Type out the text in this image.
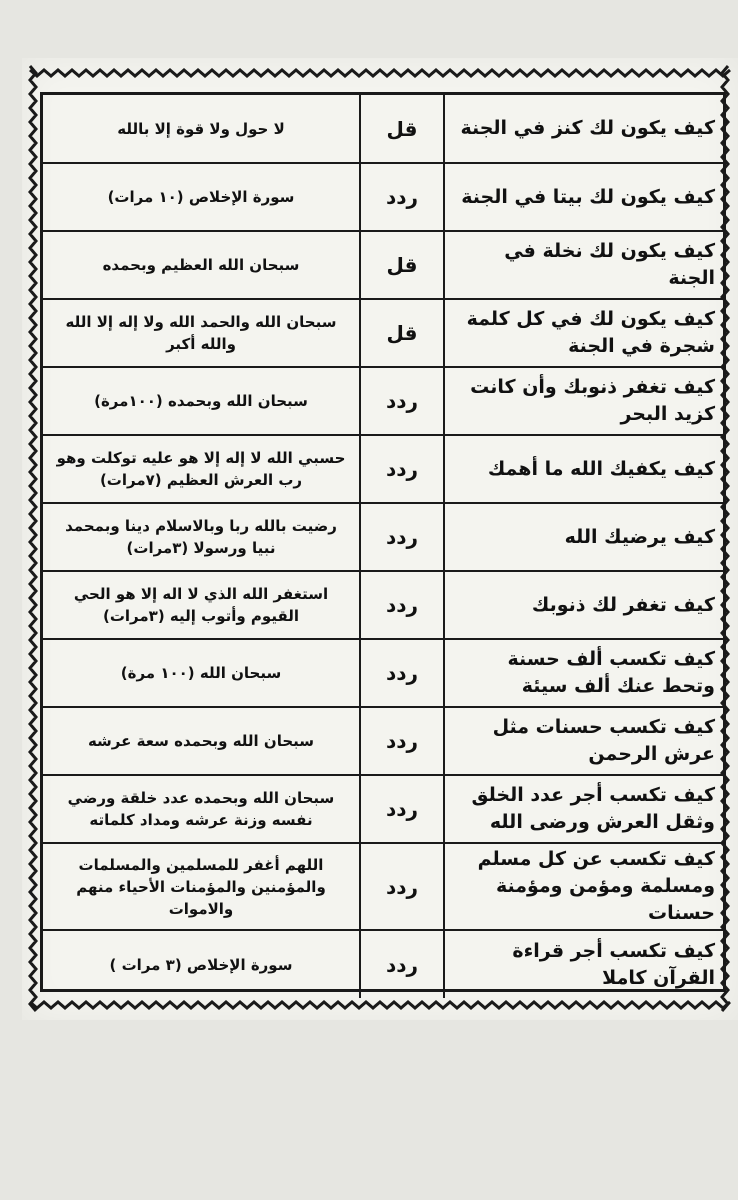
كيف يكون لك كنز في الجنة	قل	لا حول ولا قوة إلا بالله
كيف يكون لك بيتا في الجنة	ردد	سورة الإخلاص (١٠ مرات)
كيف يكون لك نخلة في الجنة	قل	سبحان الله العظيم وبحمده
كيف يكون لك في كل كلمة شجرة في الجنة	قل	سبحان الله والحمد الله ولا إله إلا الله والله أكبر
كيف تغفر ذنوبك وأن كانت كزيد البحر	ردد	سبحان الله وبحمده (١٠٠مرة)
كيف يكفيك الله ما أهمك	ردد	حسبي الله لا إله إلا هو عليه توكلت وهو رب العرش العظيم (٧مرات)
كيف يرضيك الله	ردد	رضيت بالله ربا وبالاسلام دينا وبمحمد نبيا ورسولا (٣مرات)
كيف تغفر لك ذنوبك	ردد	استغفر الله الذي لا اله إلا هو الحي القيوم وأتوب إليه (٣مرات)
كيف تكسب ألف حسنة وتحط عنك ألف سيئة	ردد	سبحان الله (١٠٠ مرة)
كيف تكسب حسنات مثل عرش الرحمن	ردد	سبحان الله وبحمده سعة عرشه
كيف تكسب أجر عدد الخلق وثقل العرش ورضى الله	ردد	سبحان الله وبحمده عدد خلقة ورضي نفسه وزنة عرشه ومداد كلماته
كيف تكسب عن كل مسلم ومسلمة ومؤمن ومؤمنة حسنات	ردد	اللهم أغفر للمسلمين والمسلمات والمؤمنين والمؤمنات الأحياء منهم والاموات
كيف تكسب أجر قراءة القرآن كاملا	ردد	سورة الإخلاص (٣ مرات )
